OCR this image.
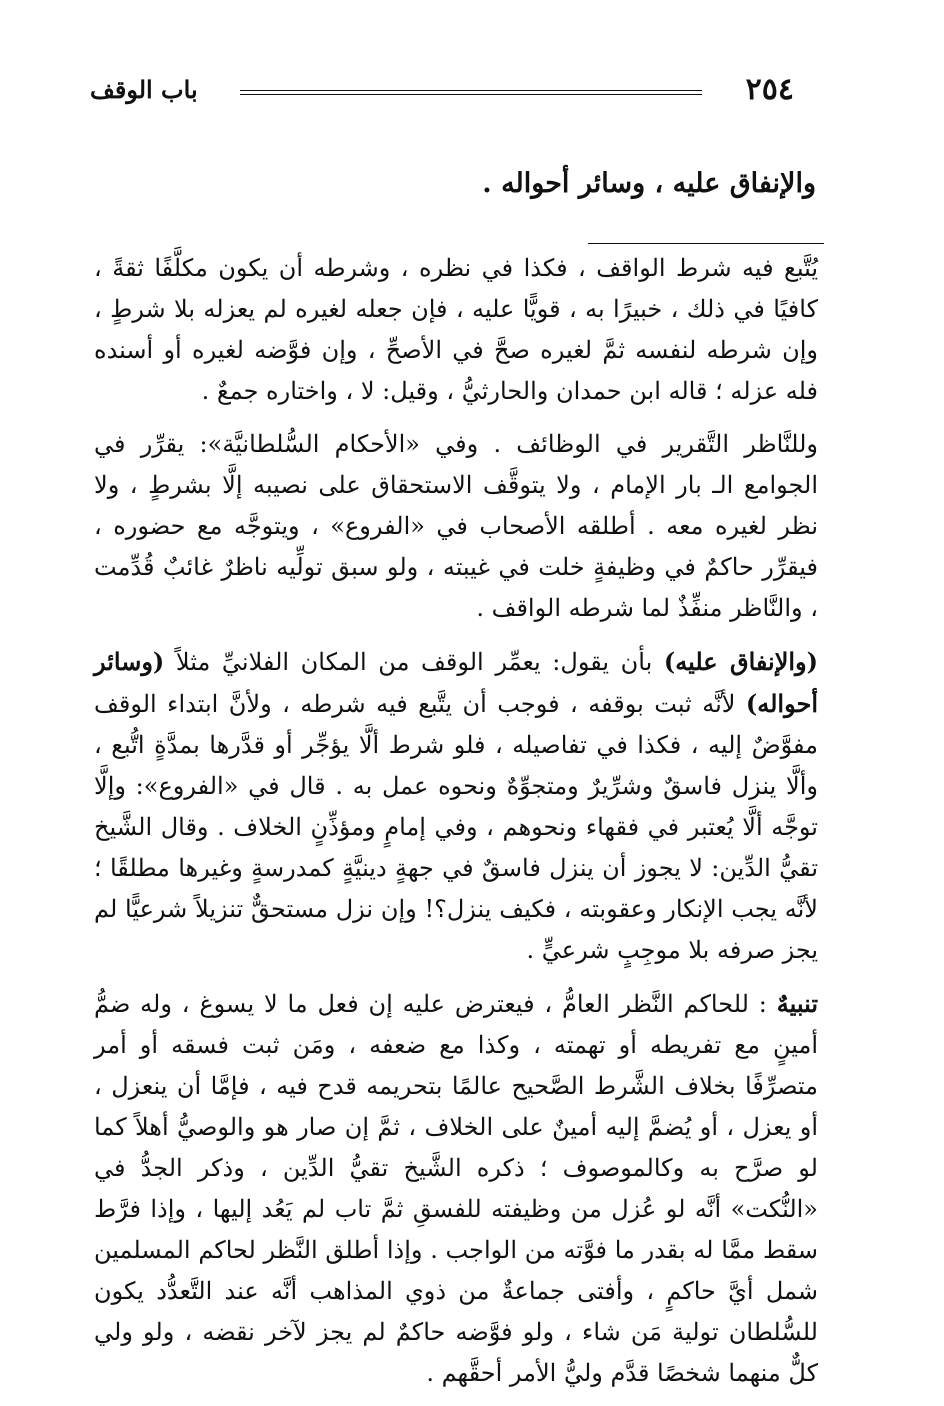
٢٥٤
باب الوقف

والإنفاق عليه ، وسائر أحواله .

يُتَّبع فيه شرط الواقف ، فكذا في نظره ، وشرطه أن يكون مكلَّفًا ثقةً ، كافيًا في ذلك ، خبيرًا به ، قويًّا عليه ، فإن جعله لغيره لم يعزله بلا شرطٍ ، وإن شرطه لنفسه ثمَّ لغيره صحَّ في الأصحِّ ، وإن فوَّضه لغيره أو أسنده فله عزله ؛ قاله ابن حمدان والحارثيُّ ، وقيل: لا ، واختاره جمعٌ .

وللنَّاظر التَّقرير في الوظائف . وفي «الأحكام السُّلطانيَّة»: يقرِّر في الجوامع الـ بار الإمام ، ولا يتوقَّف الاستحقاق على نصيبه إلَّا بشرطٍ ، ولا نظر لغيره معه . أطلقه الأصحاب في «الفروع» ، ويتوجَّه مع حضوره ، فيقرِّر حاكمٌ في وظيفةٍ خلت في غيبته ، ولو سبق تولِّيه ناظرٌ غائبٌ قُدِّمت ، والنَّاظر منفِّذٌ لما شرطه الواقف .

(والإنفاق عليه) بأن يقول: يعمِّر الوقف من المكان الفلانيِّ مثلاً (وسائر أحواله) لأنَّه ثبت بوقفه ، فوجب أن يتَّبع فيه شرطه ، ولأنَّ ابتداء الوقف مفوَّضٌ إليه ، فكذا في تفاصيله ، فلو شرط ألَّا يؤجِّر أو قدَّرها بمدَّةٍ اتُّبع ، وألَّا ينزل فاسقٌ وشرِّيرٌ ومتجوِّهٌ ونحوه عمل به . قال في «الفروع»: وإلَّا توجَّه ألَّا يُعتبر في فقهاء ونحوهم ، وفي إمامٍ ومؤذِّنٍ الخلاف . وقال الشَّيخ تقيُّ الدِّين: لا يجوز أن ينزل فاسقٌ في جهةٍ دينيَّةٍ كمدرسةٍ وغيرها مطلقًا ؛ لأنَّه يجب الإنكار وعقوبته ، فكيف ينزل؟! وإن نزل مستحقٌّ تنزيلاً شرعيًّا لم يجز صرفه بلا موجِبٍ شرعيٍّ .

تنبيهٌ : للحاكم النَّظر العامُّ ، فيعترض عليه إن فعل ما لا يسوغ ، وله ضمُّ أمينٍ مع تفريطه أو تهمته ، وكذا مع ضعفه ، ومَن ثبت فسقه أو أمر متصرِّفًا بخلاف الشَّرط الصَّحيح عالمًا بتحريمه قدح فيه ، فإمَّا أن ينعزل ، أو يعزل ، أو يُضمَّ إليه أمينٌ على الخلاف ، ثمَّ إن صار هو والوصيُّ أهلاً كما لو صرَّح به وكالموصوف ؛ ذكره الشَّيخ تقيُّ الدِّين ، وذكر الجدُّ في «النُّكت» أنَّه لو عُزل من وظيفته للفسقِ ثمَّ تاب لم يَعُد إليها ، وإذا فرَّط سقط ممَّا له بقدر ما فوَّته من الواجب . وإذا أطلق النَّظر لحاكم المسلمين شمل أيَّ حاكمٍ ، وأفتى جماعةٌ من ذوي المذاهب أنَّه عند التَّعدُّد يكون للسُّلطان تولية مَن شاء ، ولو فوَّضه حاكمٌ لم يجز لآخر نقضه ، ولو ولي كلٌّ منهما شخصًا قدَّم وليُّ الأمر أحقَّهم .
